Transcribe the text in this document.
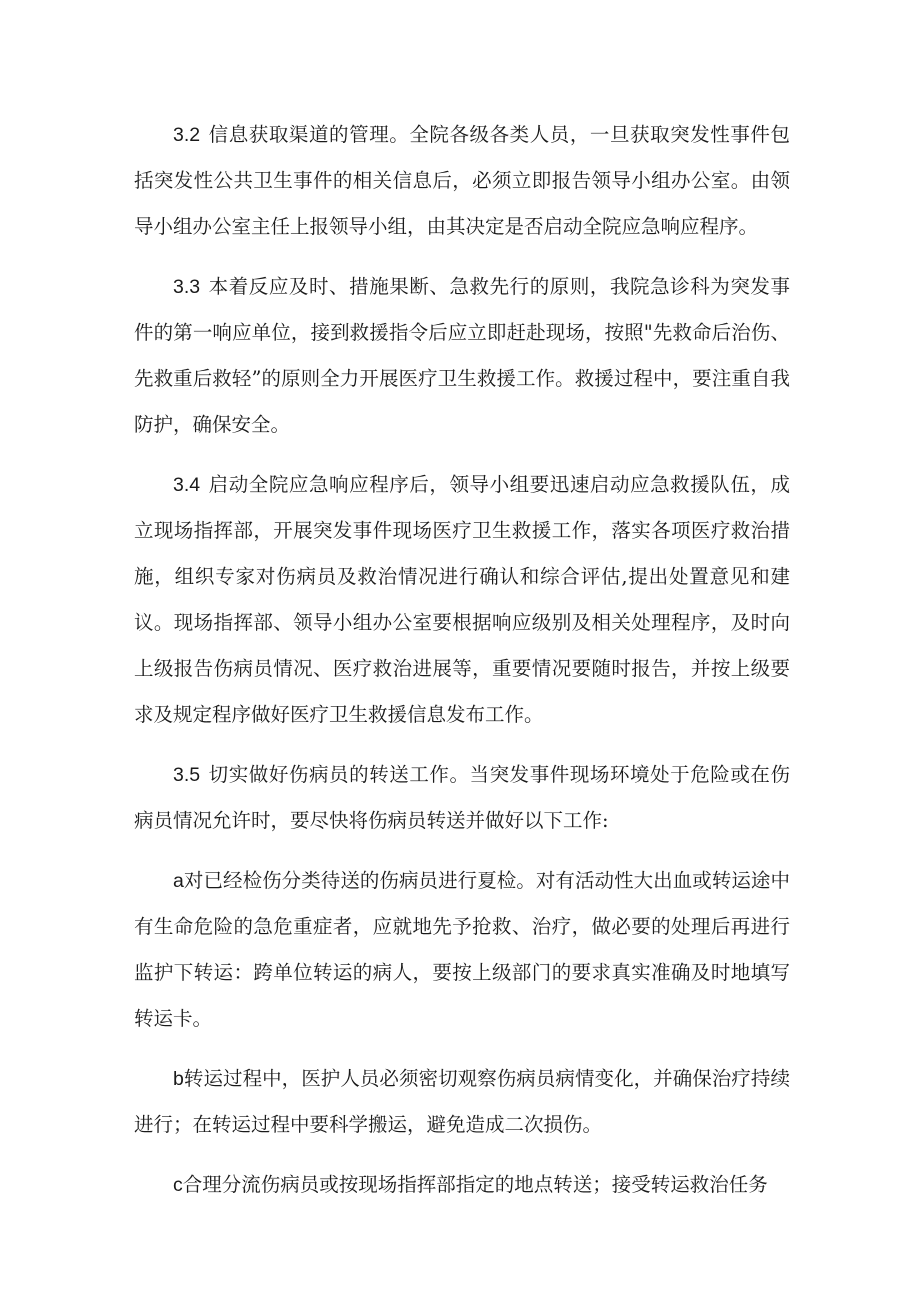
3.2 信息获取渠道的管理。全院各级各类人员，一旦获取突发性事件包括突发性公共卫生事件的相关信息后，必须立即报告领导小组办公室。由领导小组办公室主任上报领导小组，由其决定是否启动全院应急响应程序。

3.3 本着反应及时、措施果断、急救先行的原则，我院急诊科为突发事件的第一响应单位，接到救援指令后应立即赶赴现场，按照"先救命后治伤、先救重后救轻”的原则全力开展医疗卫生救援工作。救援过程中，要注重自我防护，确保安全。

3.4 启动全院应急响应程序后，领导小组要迅速启动应急救援队伍，成立现场指挥部，开展突发事件现场医疗卫生救援工作，落实各项医疗救治措施，组织专家对伤病员及救治情况进行确认和综合评估,提出处置意见和建议。现场指挥部、领导小组办公室要根据响应级别及相关处理程序，及时向上级报告伤病员情况、医疗救治进展等，重要情况要随时报告，并按上级要求及规定程序做好医疗卫生救援信息发布工作。

3.5 切实做好伤病员的转送工作。当突发事件现场环境处于危险或在伤病员情况允许时，要尽快将伤病员转送并做好以下工作:

a对已经检伤分类待送的伤病员进行夏检。对有活动性大出血或转运途中有生命危险的急危重症者，应就地先予抢救、治疗，做必要的处理后再进行监护下转运：跨单位转运的病人，要按上级部门的要求真实准确及时地填写转运卡。

b转运过程中，医护人员必须密切观察伤病员病情变化，并确保治疗持续进行；在转运过程中要科学搬运，避免造成二次损伤。

c合理分流伤病员或按现场指挥部指定的地点转送；接受转运救治任务
